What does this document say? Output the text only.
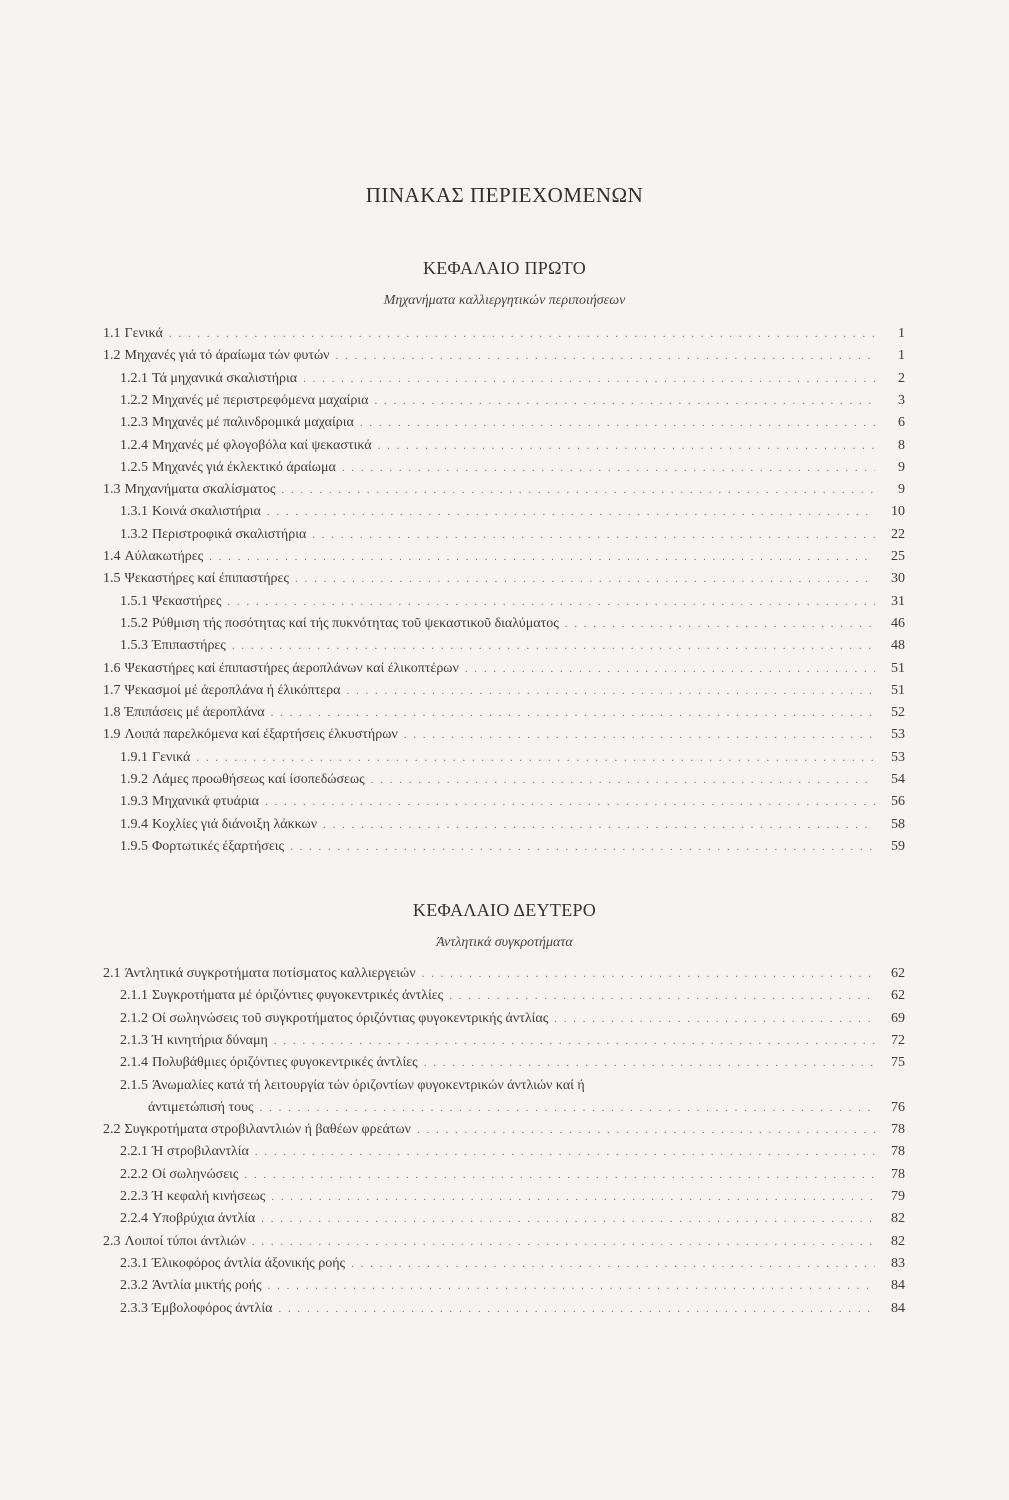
ΠΙΝΑΚΑΣ ΠΕΡΙΕΧΟΜΕΝΩΝ
ΚΕΦΑΛΑΙΟ ΠΡΩΤΟ
Μηχανήματα καλλιεργητικών περιποιήσεων
1.1 Γενικά . . .	1
1.2 Μηχανές γιά τό άραίωμα τών φυτών . . .	1
1.2.1 Τά μηχανικά σκαλιστήρια . . .	2
1.2.2 Μηχανές μέ περιστρεφόμενα μαχαίρια . . .	3
1.2.3 Μηχανές μέ παλινδρομικά μαχαίρια . . .	6
1.2.4 Μηχανές μέ φλογοβόλα καί ψεκαστικά . . .	8
1.2.5 Μηχανές γιά έκλεκτικό άραίωμα . . .	9
1.3 Μηχανήματα σκαλίσματος . . .	9
1.3.1 Κοινά σκαλιστήρια . . .	10
1.3.2 Περιστροφικά σκαλιστήρια . . .	22
1.4 Αύλακωτήρες . . .	25
1.5 Ψεκαστήρες καί έπιπαστήρες . . .	30
1.5.1 Ψεκαστήρες . . .	31
1.5.2 Ρύθμιση τής ποσότητας καί τής πυκνότητας τοῦ ψεκαστικοῦ διαλύματος . . .	46
1.5.3 Έπιπαστήρες . . .	48
1.6 Ψεκαστήρες καί έπιπαστήρες άεροπλάνων καί έλικοπτέρων . . .	51
1.7 Ψεκασμοί μέ άεροπλάνα ή έλικόπτερα . . .	51
1.8 Έπιπάσεις μέ άεροπλάνα . . .	52
1.9 Λοιπά παρελκόμενα καί έξαρτήσεις έλκυστήρων . . .	53
1.9.1 Γενικά . . .	53
1.9.2 Λάμες προωθήσεως καί ίσοπεδώσεως . . .	54
1.9.3 Μηχανικά φτυάρια . . .	56
1.9.4 Κοχλίες γιά διάνοιξη λάκκων . . .	58
1.9.5 Φορτωτικές έξαρτήσεις . . .	59
ΚΕΦΑΛΑΙΟ ΔΕΥΤΕΡΟ
Άντλητικά συγκροτήματα
2.1 Άντλητικά συγκροτήματα ποτίσματος καλλιεργειών . . .	62
2.1.1 Συγκροτήματα μέ όριζόντιες φυγοκεντρικές άντλίες . . .	62
2.1.2 Οί σωληνώσεις τοῦ συγκροτήματος όριζόντιας φυγοκεντρικής άντλίας . . .	69
2.1.3 Ή κινητήρια δύναμη . . .	72
2.1.4 Πολυβάθμιες όριζόντιες φυγοκεντρικές άντλίες . . .	75
2.1.5 Άνωμαλίες κατά τή λειτουργία τών όριζοντίων φυγοκεντρικών άντλιών καί ή
άντιμετώπισή τους . . .	76
2.2 Συγκροτήματα στροβιλαντλιών ή βαθέων φρεάτων . . .	78
2.2.1 Ή στροβιλαντλία . . .	78
2.2.2 Οί σωληνώσεις . . .	78
2.2.3 Ή κεφαλή κινήσεως . . .	79
2.2.4 Υποβρύχια άντλία . . .	82
2.3 Λοιποί τύποι άντλιών . . .	82
2.3.1 Έλικοφόρος άντλία άξονικής ροής . . .	83
2.3.2 Άντλία μικτής ροής . . .	84
2.3.3 Έμβολοφόρος άντλία . . .	84
